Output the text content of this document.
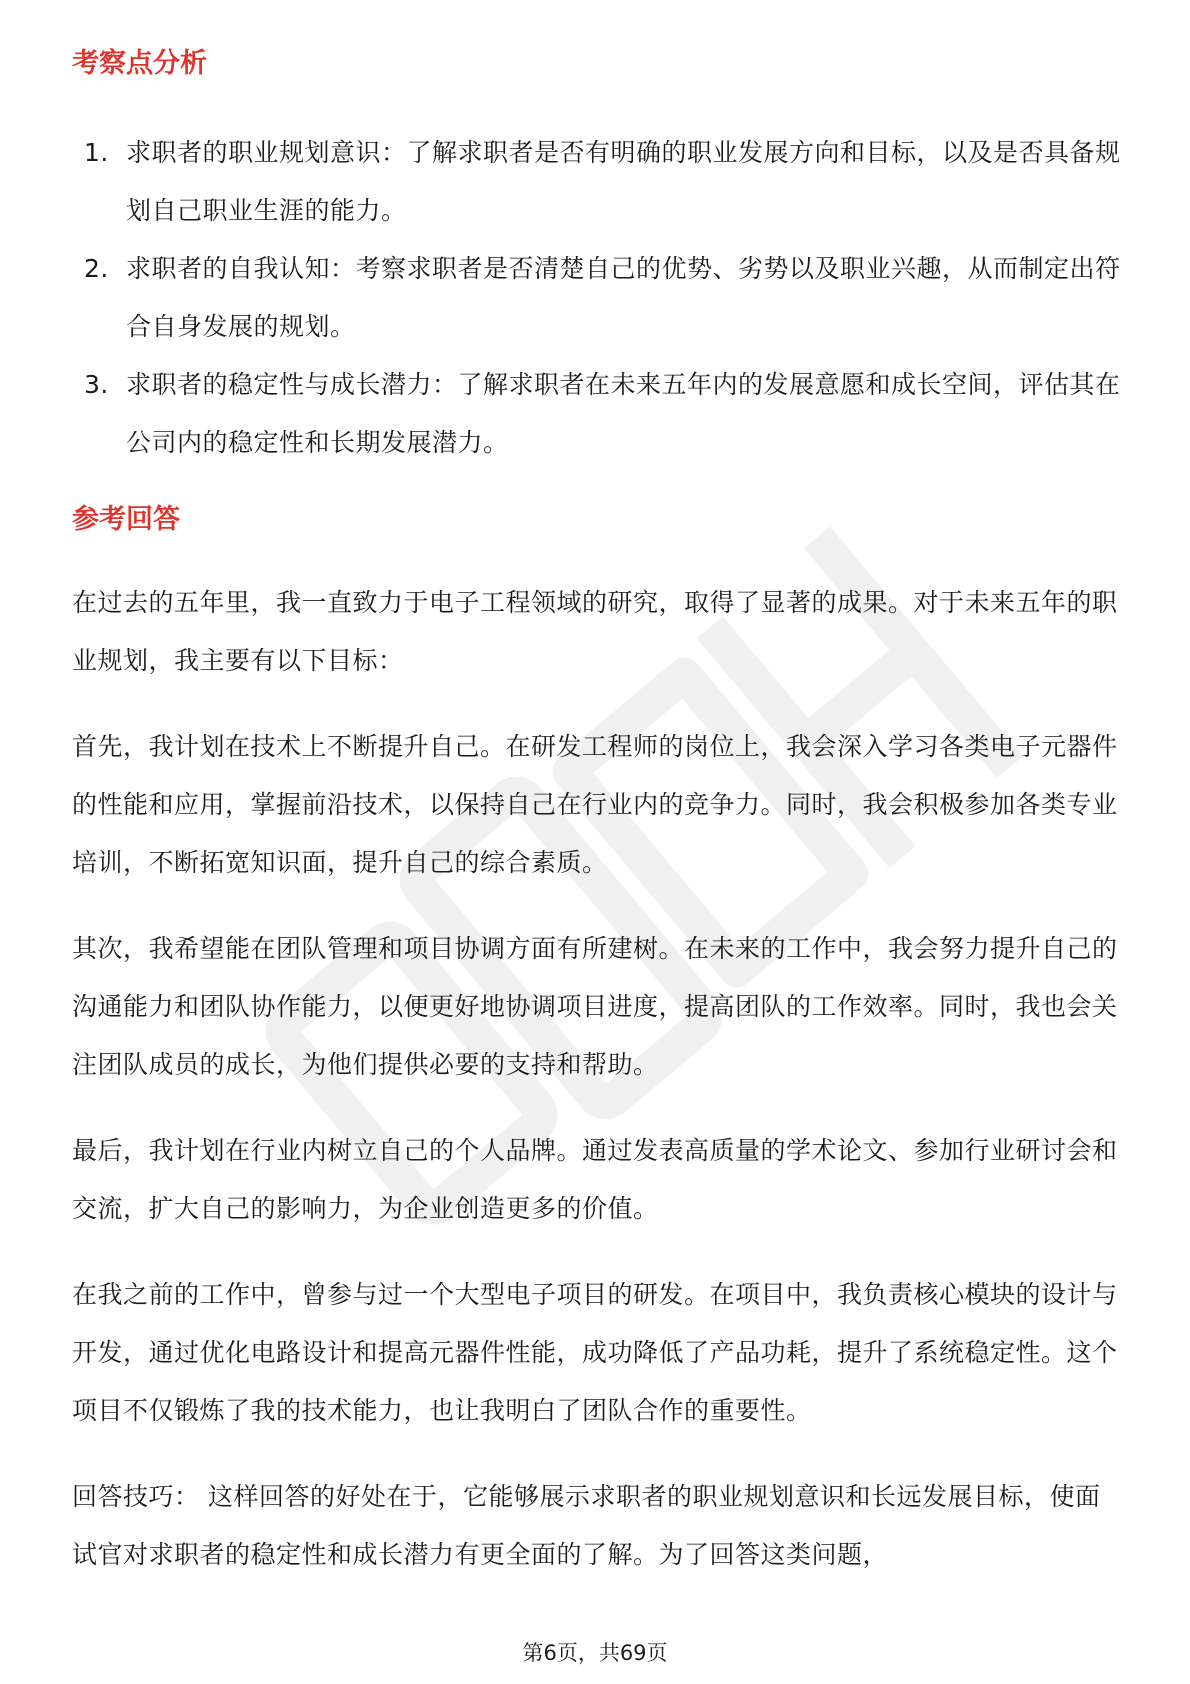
考察点分析
1. 求职者的职业规划意识：了解求职者是否有明确的职业发展方向和目标，以及是否具备规划自己职业生涯的能力。
2. 求职者的自我认知：考察求职者是否清楚自己的优势、劣势以及职业兴趣，从而制定出符合自身发展的规划。
3. 求职者的稳定性与成长潜力：了解求职者在未来五年内的发展意愿和成长空间，评估其在公司内的稳定性和长期发展潜力。
参考回答

在过去的五年里，我一直致力于电子工程领域的研究，取得了显著的成果。对于未来五年的职业规划，我主要有以下目标：

首先，我计划在技术上不断提升自己。在研发工程师的岗位上，我会深入学习各类电子元器件的性能和应用，掌握前沿技术，以保持自己在行业内的竞争力。同时，我会积极参加各类专业培训，不断拓宽知识面，提升自己的综合素质。

其次，我希望能在团队管理和项目协调方面有所建树。在未来的工作中，我会努力提升自己的沟通能力和团队协作能力，以便更好地协调项目进度，提高团队的工作效率。同时，我也会关注团队成员的成长，为他们提供必要的支持和帮助。

最后，我计划在行业内树立自己的个人品牌。通过发表高质量的学术论文、参加行业研讨会和交流，扩大自己的影响力，为企业创造更多的价值。

在我之前的工作中，曾参与过一个大型电子项目的研发。在项目中，我负责核心模块的设计与开发，通过优化电路设计和提高元器件性能，成功降低了产品功耗，提升了系统稳定性。这个项目不仅锻炼了我的技术能力，也让我明白了团队合作的重要性。

回答技巧： 这样回答的好处在于，它能够展示求职者的职业规划意识和长远发展目标，使面试官对求职者的稳定性和成长潜力有更全面的了解。为了回答这类问题，

第6页，共69页
